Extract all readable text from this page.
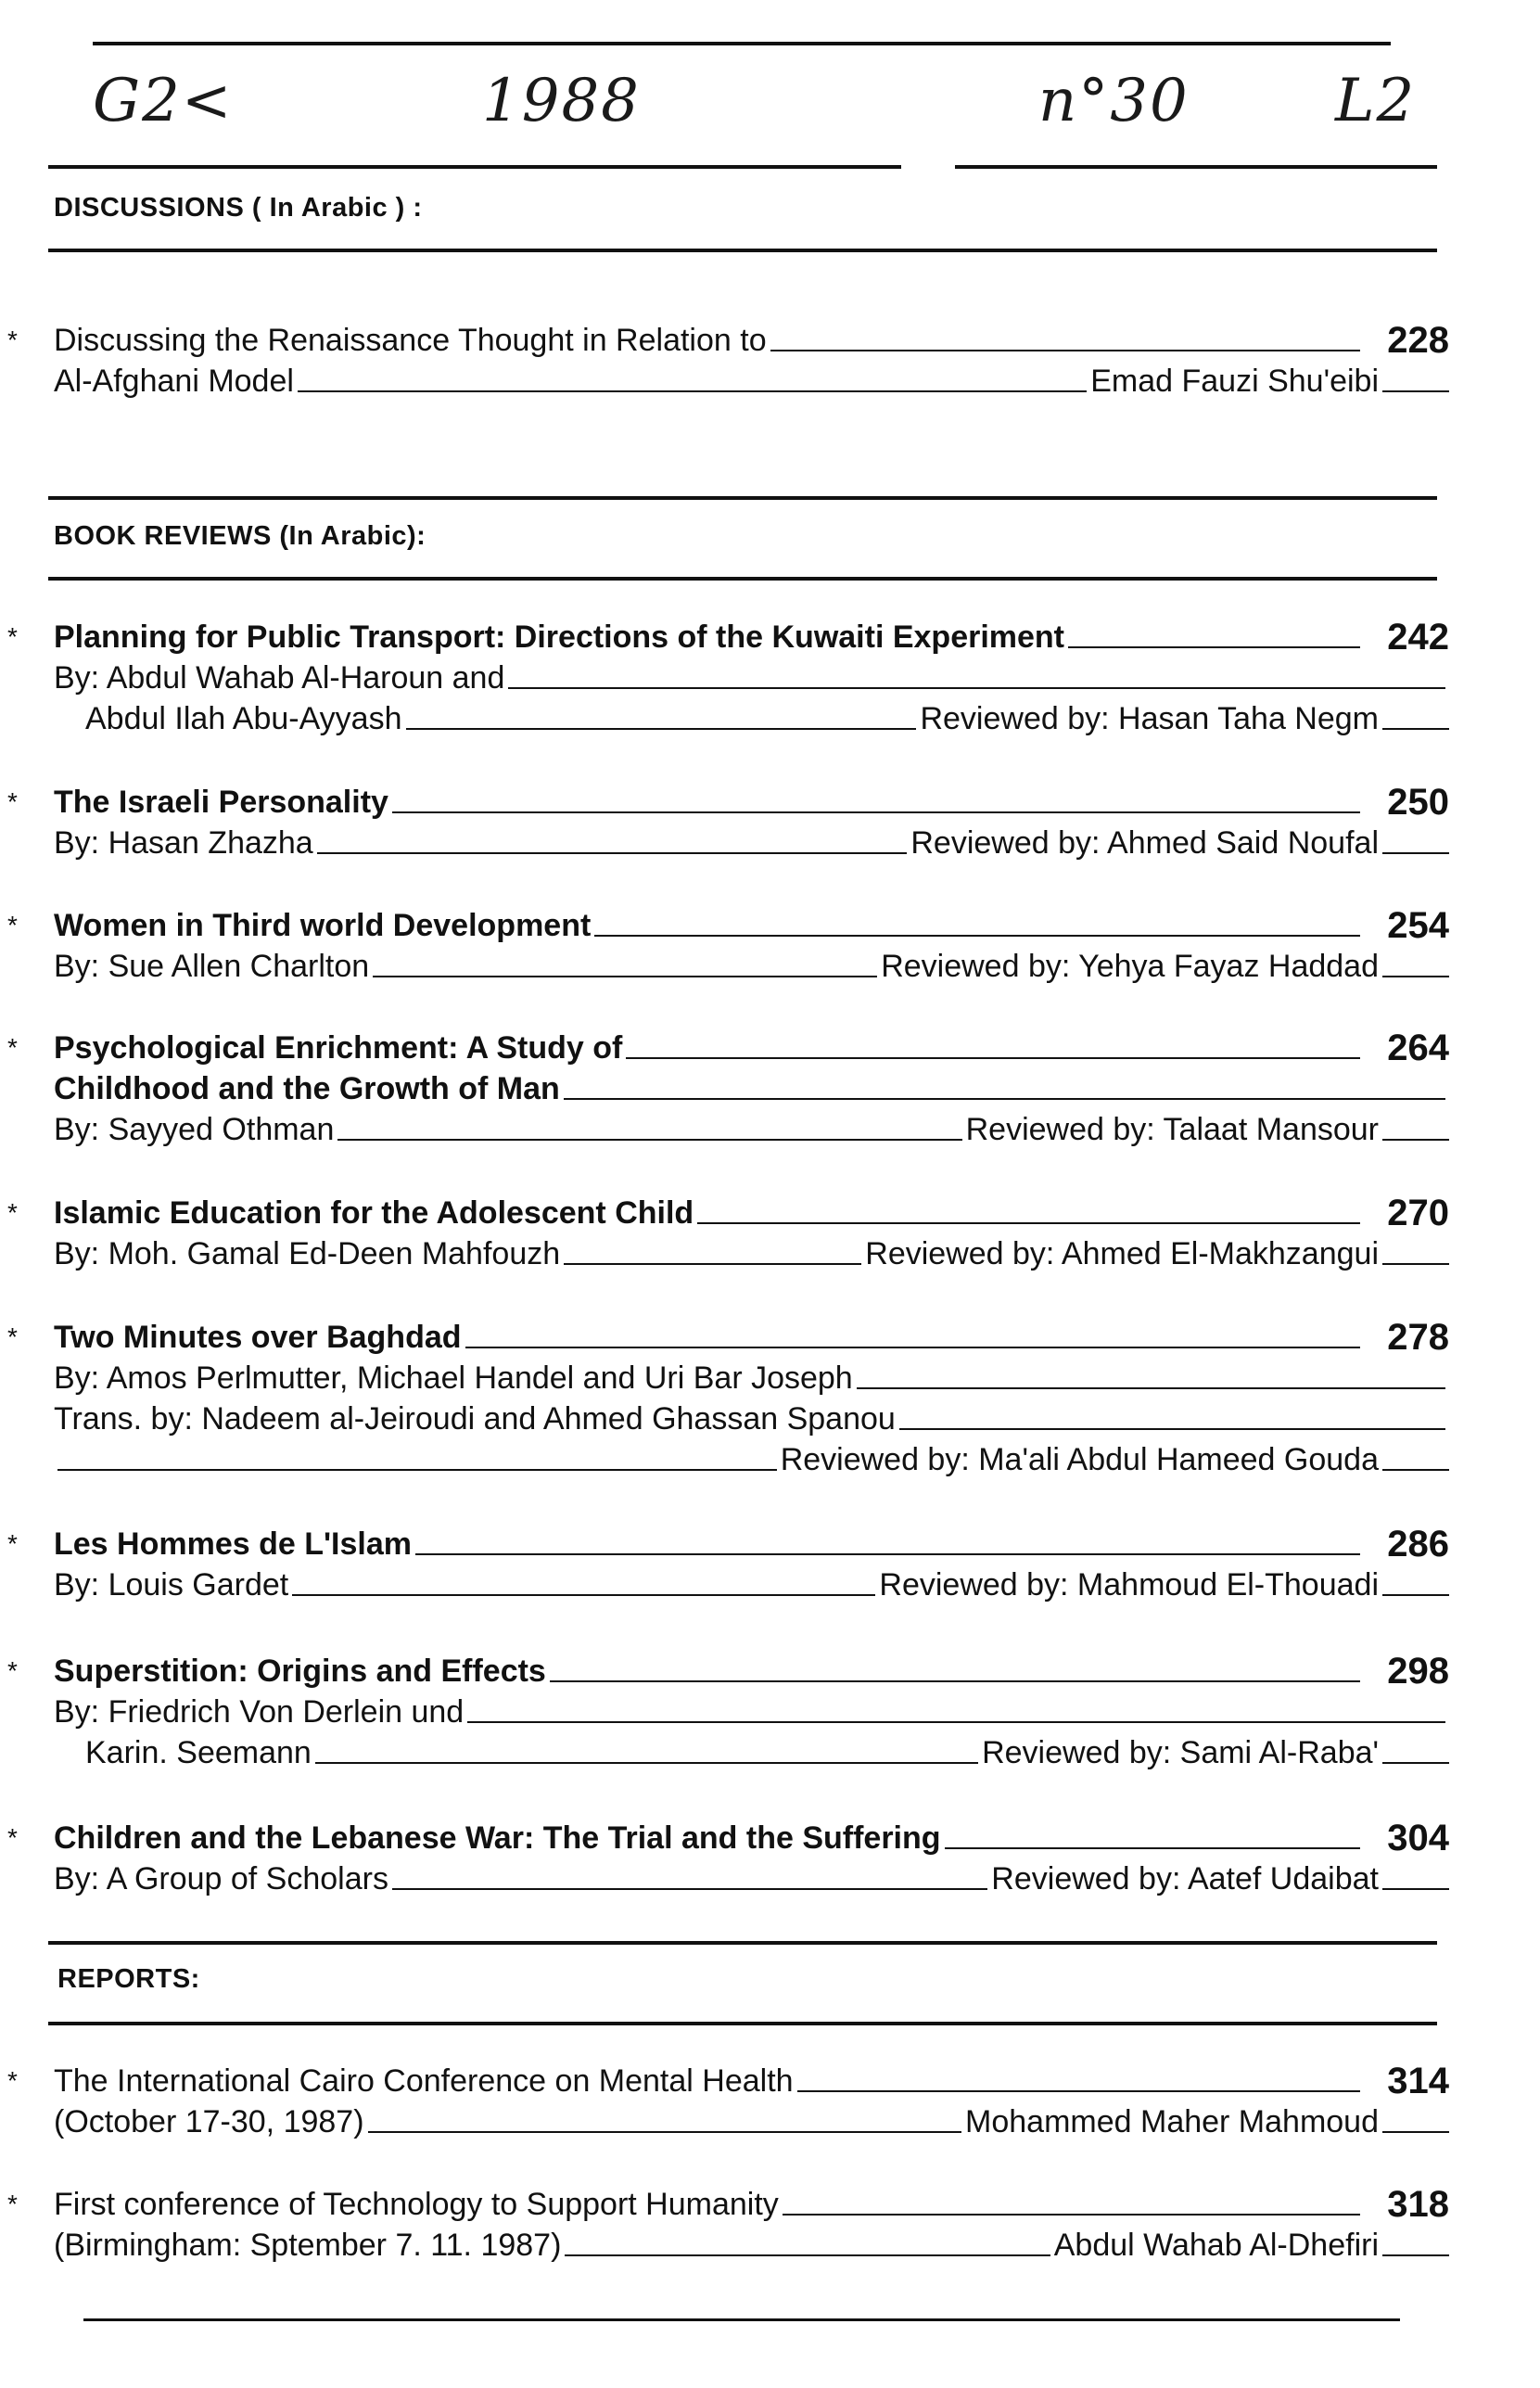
G2<	1988	n°30 L2
DISCUSSIONS ( In Arabic ) :
* Discussing the Renaissance Thought in Relation to	228
Al-Afghani Model	Emad Fauzi Shu'eibi
BOOK REVIEWS (In Arabic):
* Planning for Public Transport: Directions of the Kuwaiti Experiment	242
By: Abdul Wahab Al-Haroun and
Abdul Ilah Abu-Ayyash	Reviewed by: Hasan Taha Negm
* The Israeli Personality	250
By: Hasan Zhazha	Reviewed by: Ahmed Said Noufal
* Women in Third world Development	254
By: Sue Allen Charlton	Reviewed by: Yehya Fayaz Haddad
* Psychological Enrichment: A Study of	264
Childhood and the Growth of Man
By: Sayyed Othman	Reviewed by: Talaat Mansour
* Islamic Education for the Adolescent Child	270
By: Moh. Gamal Ed-Deen Mahfouzh	Reviewed by: Ahmed El-Makhzangui
* Two Minutes over Baghdad	278
By: Amos Perlmutter, Michael Handel and Uri Bar Joseph
Trans. by: Nadeem al-Jeiroudi and Ahmed Ghassan Spanou
Reviewed by: Ma'ali Abdul Hameed Gouda
* Les Hommes de L'Islam	286
By: Louis Gardet	Reviewed by: Mahmoud El-Thouadi
* Superstition: Origins and Effects	298
By: Friedrich Von Derlein und
Karin. Seemann	Reviewed by: Sami Al-Raba'
* Children and the Lebanese War: The Trial and the Suffering	304
By: A Group of Scholars	Reviewed by: Aatef Udaibat
REPORTS:
* The International Cairo Conference on Mental Health	314
(October 17-30, 1987)	Mohammed Maher Mahmoud
* First conference of Technology to Support Humanity	318
(Birmingham: Sptember 7. 11. 1987)	Abdul Wahab Al-Dhefiri
